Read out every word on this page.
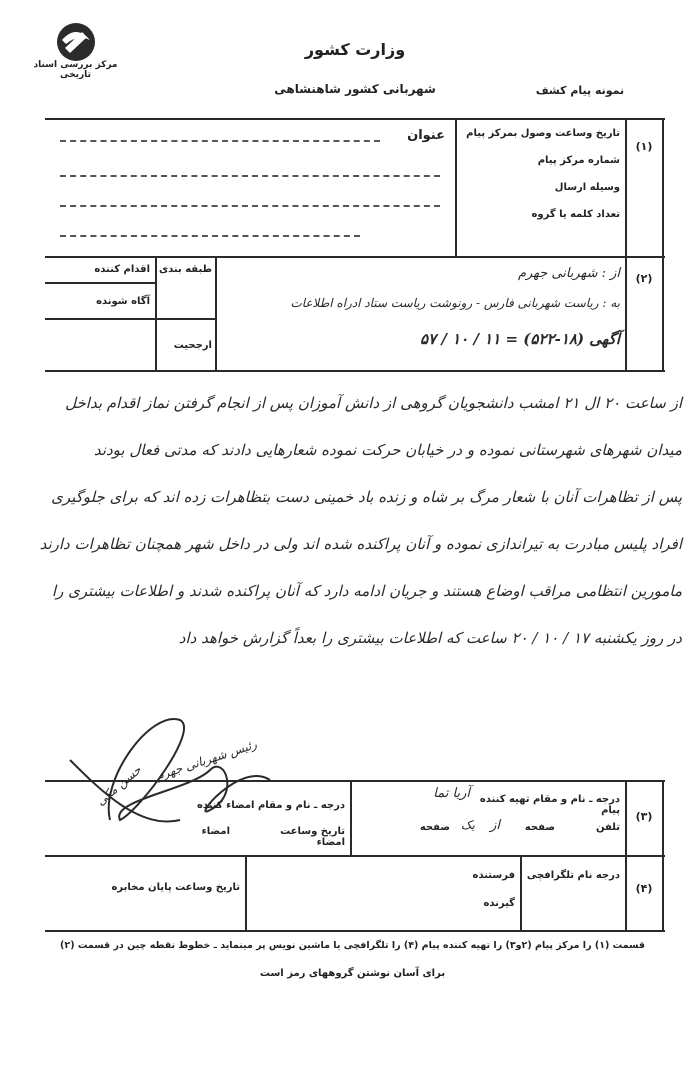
مرکز بررسی اسناد تاریخی
وزارت کشور
شهربانی کشور شاهنشاهی	نمونه پیام کشف
(۱)
عنوان	تاریخ وساعت وصول بمرکز پیام
شماره مرکز پیام
وسیله ارسال
تعداد کلمه یا گروه
(۲)
اقدام کننده
آگاه شونده
طبقه بندی
ارجحیت
از : شهربانی جهرم
به : ریاست شهربانی فارس - رونوشت ریاست ستاد ادراه اطلاعات
آگهی (۱۸-۵۲۲) = ۱۱ / ۱۰ / ۵۷
از ساعت ۲۰ ال ۲۱ امشب دانشجویان گروهی از دانش آموزان پس از انجام گرفتن نماز اقدام بداخل
میدان شهرهای شهرستانی نموده و در خیابان حرکت نموده شعارهایی دادند که مدتی فعال بودند
پس از تظاهرات آنان با شعار مرگ بر شاه و زنده باد خمینی دست بتظاهرات زده اند که برای جلوگیری
افراد پلیس مبادرت به تیراندازی نموده و آنان پراکنده شده اند ولی در داخل شهر همچنان تظاهرات دارند
مامورین انتظامی مراقب اوضاع هستند و جریان ادامه دارد که آنان پراکنده شدند و اطلاعات بیشتری را
در روز یکشنبه ۱۷ / ۱۰ / ۲۰ ساعت که اطلاعات بیشتری را بعداً گزارش خواهد داد
رئیس شهربانی جهرم
حسن مکی
(۳)
درجه ـ نام و مقام تهیه کننده پیام
آریا تما
تلفن
صفحه
از
صفحه یک
درجه ـ نام و مقام امضاء کننده
تاریخ وساعت امضاء
امضاء
(۴)
درجه نام تلگرافچی
فرستنده
گیرنده
تاریخ وساعت پایان مخابره
قسمت (۱) را مرکز پیام (۲و۳) را تهیه کننده پیام (۴) را تلگرافچی یا ماشین نویس پر مینماید ـ خطوط نقطه چین در قسمت (۲)
برای آسان نوشتن گروههای رمز است
